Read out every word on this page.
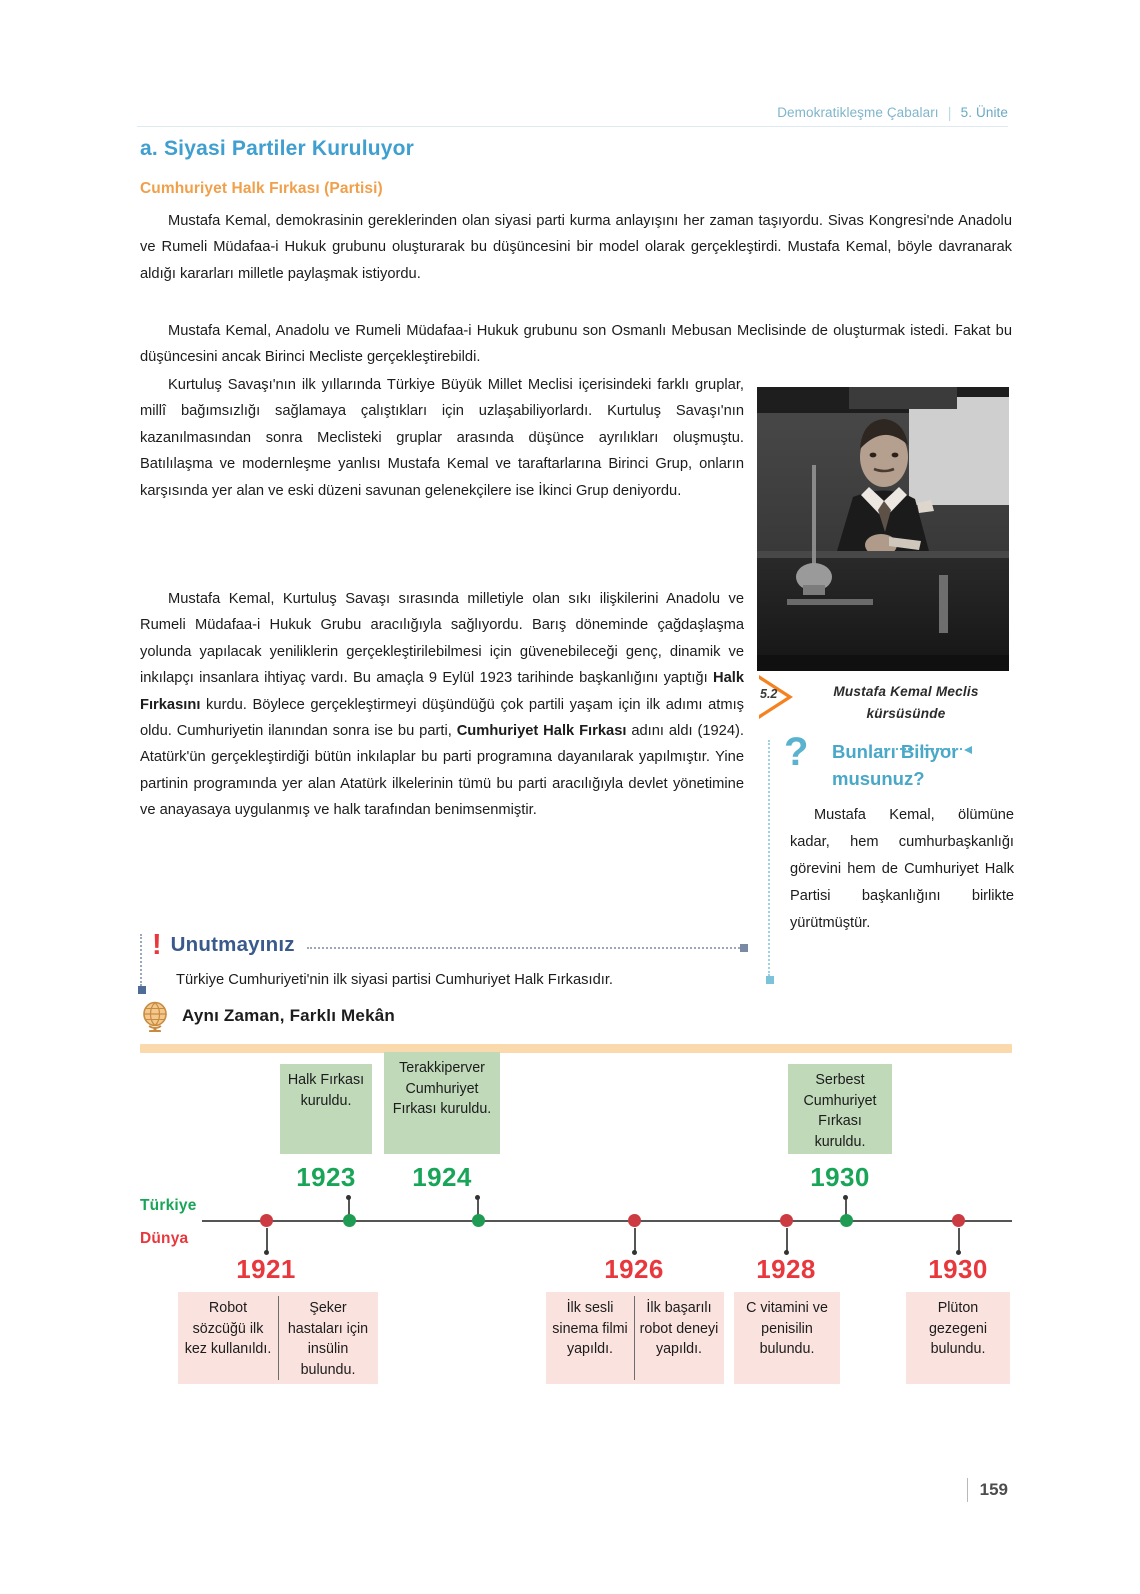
Demokratikleşme Çabaları | 5. Ünite
a. Siyasi Partiler Kuruluyor
Cumhuriyet Halk Fırkası (Partisi)
Mustafa Kemal, demokrasinin gereklerinden olan siyasi parti kurma anlayışını her zaman taşıyordu. Sivas Kongresi'nde Anadolu ve Rumeli Müdafaa-i Hukuk grubunu oluşturarak bu düşüncesini bir model olarak gerçekleştirdi. Mustafa Kemal, böyle davranarak aldığı kararları milletle paylaşmak istiyordu.
Mustafa Kemal, Anadolu ve Rumeli Müdafaa-i Hukuk grubunu son Osmanlı Mebusan Meclisinde de oluşturmak istedi. Fakat bu düşüncesini ancak Birinci Mecliste gerçekleştirebildi.
Kurtuluş Savaşı'nın ilk yıllarında Türkiye Büyük Millet Meclisi içerisindeki farklı gruplar, millî bağımsızlığı sağlamaya çalıştıkları için uzlaşabiliyorlardı. Kurtuluş Savaşı'nın kazanılmasından sonra Meclisteki gruplar arasında düşünce ayrılıkları oluşmuştu. Batılılaşma ve modernleşme yanlısı Mustafa Kemal ve taraftarlarına Birinci Grup, onların karşısında yer alan ve eski düzeni savunan gelenekçilere ise İkinci Grup deniyordu.
Mustafa Kemal, Kurtuluş Savaşı sırasında milletiyle olan sıkı ilişkilerini Anadolu ve Rumeli Müdafaa-i Hukuk Grubu aracılığıyla sağlıyordu. Barış döneminde çağdaşlaşma yolunda yapılacak yeniliklerin gerçekleştirilebilmesi için güvenebileceği genç, dinamik ve inkılapçı insanlara ihtiyaç vardı. Bu amaçla 9 Eylül 1923 tarihinde başkanlığını yaptığı Halk Fırkasını kurdu. Böylece gerçekleştirmeyi düşündüğü çok partili yaşam için ilk adımı atmış oldu. Cumhuriyetin ilanından sonra ise bu parti, Cumhuriyet Halk Fırkası adını aldı (1924). Atatürk'ün gerçekleştirdiği bütün inkılaplar bu parti programına dayanılarak yapılmıştır. Yine partinin programında yer alan Atatürk ilkelerinin tümü bu parti aracılığıyla devlet yönetimine ve anayasaya uygulanmış ve halk tarafından benimsenmiştir.
5.2	Mustafa Kemal Meclis kürsüsünde
?	Bunları Biliyor musunuz?
Mustafa Kemal, ölümüne kadar, hem cumhurbaşkanlığı görevini hem de Cumhuriyet Halk Partisi başkanlığını birlikte yürütmüştür.
! Unutmayınız
Türkiye Cumhuriyeti'nin ilk siyasi partisi Cumhuriyet Halk Fırkasıdır.
Aynı Zaman, Farklı Mekân
Türkiye
Dünya
Halk Fırkası kuruldu.
1923
Terakkiperver Cumhuriyet Fırkası kuruldu.
1924
Serbest Cumhuriyet Fırkası kuruldu.
1930
1921
Robot sözcüğü ilk kez kullanıldı.
Şeker hastaları için insülin bulundu.
1926
İlk sesli sinema filmi yapıldı.
İlk başarılı robot deneyi yapıldı.
1928
C vitamini ve penisilin bulundu.
1930
Plüton gezegeni bulundu.
159
